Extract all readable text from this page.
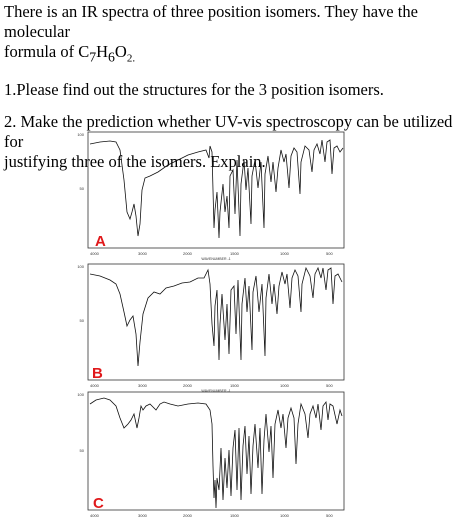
There is an IR spectra of three position isomers. They have the molecular
formula of $C_7H_6O_{2.}$

1.Please find out the structures for the 3 position isomers.

2. Make the prediction whether UV-vis spectroscopy can be utilized for
justifying three of the isomers. Explain.

100
50
4000	3000	2000	1500	1000	500
WAVENUMBER -1
A
100
50
4000	3000	2000	1500	1000	500
WAVENUMBER -1
B
100
50
4000	3000	2000	1500	1000	500
C
